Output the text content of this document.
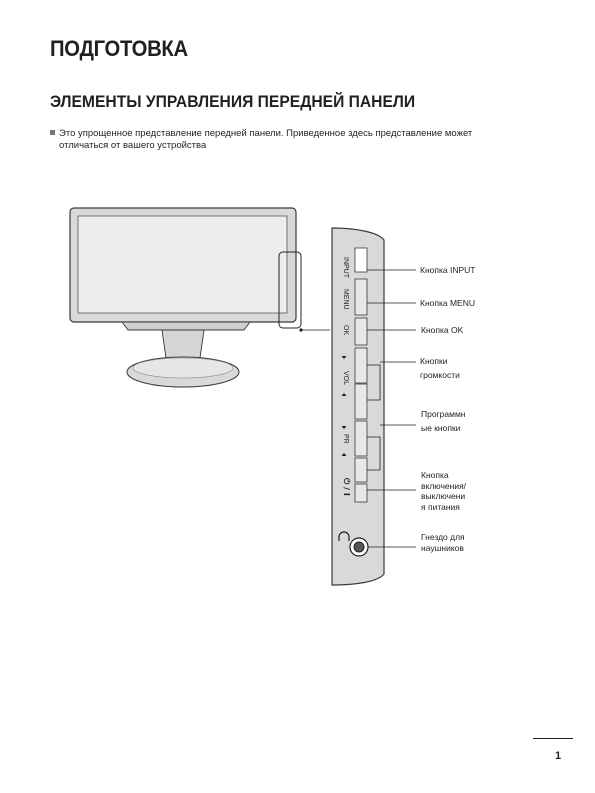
ПОДГОТОВКА
ЭЛЕМЕНТЫ УПРАВЛЕНИЯ ПЕРЕДНЕЙ ПАНЕЛИ
Это упрощенное представление передней панели. Приведенное здесь представление может
отличаться от вашего устройства
INPUT
MENU
OK
VOL
PR
⏻ / I
Кнопка INPUT
Кнопка MENU
Кнопка OK
Кнопки
громкости
Программн
ые кнопки
Кнопка
включения/
выключени
я питания
Гнездо для
наушников
1
